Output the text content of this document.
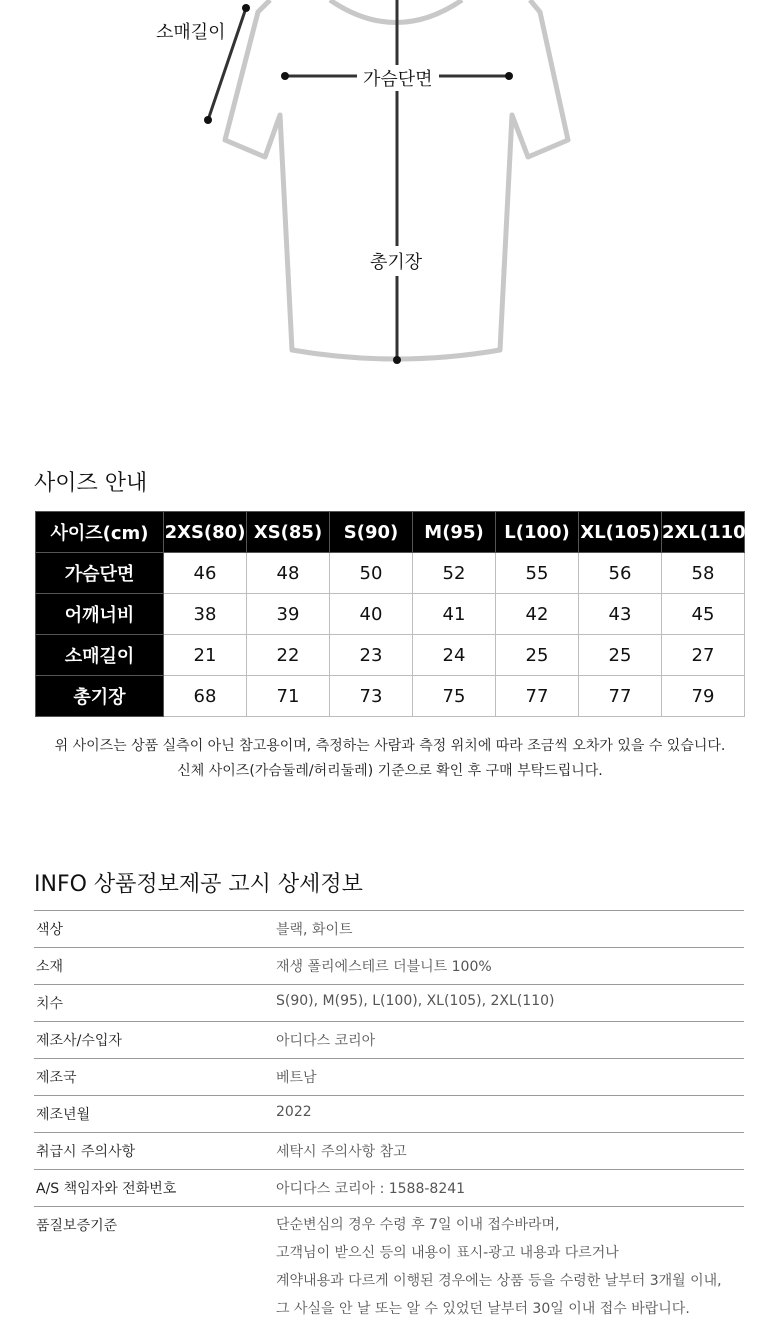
소매길이
가슴단면
총기장
사이즈 안내
사이즈(cm)	2XS(80)	XS(85)	S(90)	M(95)	L(100)	XL(105)	2XL(110)
가슴단면	46	48	50	52	55	56	58
어깨너비	38	39	40	41	42	43	45
소매길이	21	22	23	24	25	25	27
총기장	68	71	73	75	77	77	79
위 사이즈는 상품 실측이 아닌 참고용이며, 측정하는 사람과 측정 위치에 따라 조금씩 오차가 있을 수 있습니다.
신체 사이즈(가슴둘레/허리둘레) 기준으로 확인 후 구매 부탁드립니다.
INFO 상품정보제공 고시 상세정보
색상	블랙, 화이트
소재	재생 폴리에스테르 더블니트 100%
치수	S(90), M(95), L(100), XL(105), 2XL(110)
제조사/수입자	아디다스 코리아
제조국	베트남
제조년월	2022
취급시 주의사항	세탁시 주의사항 참고
A/S 책임자와 전화번호	아디다스 코리아 : 1588-8241
품질보증기준	단순변심의 경우 수령 후 7일 이내 접수바라며,
고객님이 받으신 등의 내용이 표시-광고 내용과 다르거나
계약내용과 다르게 이행된 경우에는 상품 등을 수령한 날부터 3개월 이내,
그 사실을 안 날 또는 알 수 있었던 날부터 30일 이내 접수 바랍니다.
